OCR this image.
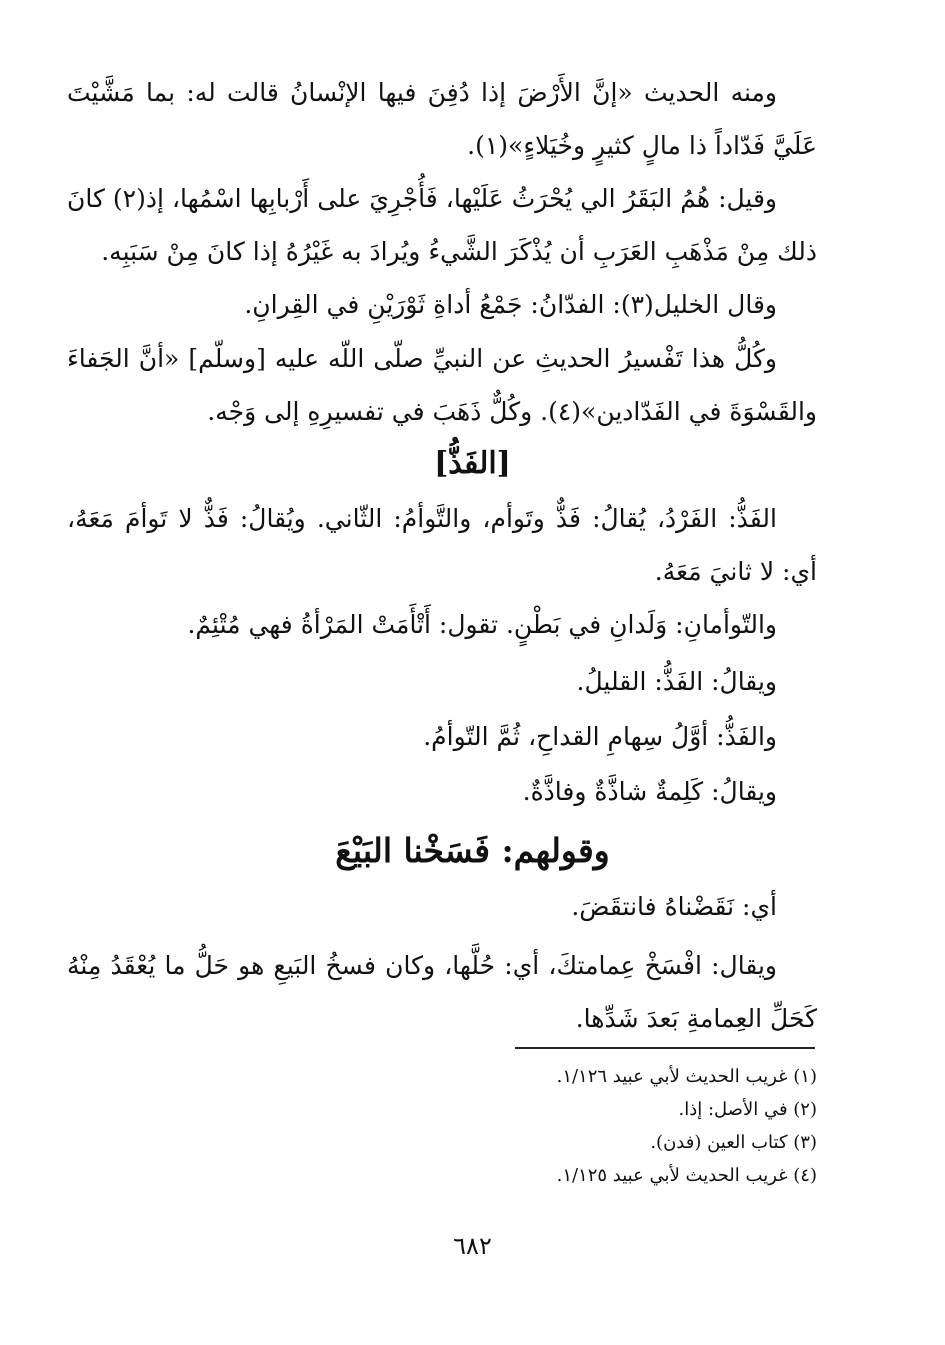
ومنه الحديث «إنَّ الأَرْضَ إذا دُفِنَ فيها الإنْسانُ قالت له: بما مَشَّيْتَ عَلَيَّ فَدّاداً ذا مالٍ كثيرٍ وخُيَلاءٍ»(١).

وقيل: هُمُ البَقَرُ الي يُحْرَثُ عَلَيْها، فَأُجْرِيَ على أَرْبابِها اسْمُها، إذ(٢) كانَ ذلك مِنْ مَذْهَبِ العَرَبِ أن يُذْكَرَ الشَّيءُ ويُرادَ به غَيْرُهُ إذا كانَ مِنْ سَبَبِه.

وقال الخليل(٣): الفدّانُ: جَمْعُ أداةِ ثَوْرَيْنِ في القِرانِ.

وكُلُّ هذا تَفْسيرُ الحديثِ عن النبيِّ صلّى اللّه عليه [وسلّم] «أنَّ الجَفاءَ والقَسْوَةَ في الفَدّادين»(٤). وكُلٌّ ذَهَبَ في تفسيرِهِ إلى وَجْه.

[الفَذُّ]

الفَذُّ: الفَرْدُ، يُقالُ: فَذٌّ وتَوأم، والتَّوأمُ: الثّاني. ويُقالُ: فَذٌّ لا تَوأمَ مَعَهُ، أي: لا ثانيَ مَعَهُ.

والتّوأمانِ: وَلَدانِ في بَطْنٍ. تقول: أَتْأَمَتْ المَرْأةُ فهي مُتْئِمٌ.
ويقالُ: الفَذُّ: القليلُ.
والفَذُّ: أوَّلُ سِهامِ القداحِ، ثُمَّ التّوأمُ.
ويقالُ: كَلِمةٌ شاذَّةٌ وفاذَّةٌ.
وقولهم: فَسَخْنا البَيْعَ
أي: نَقَضْناهُ فانتقَضَ.

ويقال: افْسَخْ عِمامتكَ، أي: حُلَّها، وكان فسخُ البَيعِ هو حَلُّ ما يُعْقَدُ مِنْهُ كَحَلِّ العِمامةِ بَعدَ شَدِّها.

(١) غريب الحديث لأبي عبيد ١/١٢٦.
(٢) في الأصل: إذا.
(٣) كتاب العين (فدن).
(٤) غريب الحديث لأبي عبيد ١/١٢٥.
٦٨٢
